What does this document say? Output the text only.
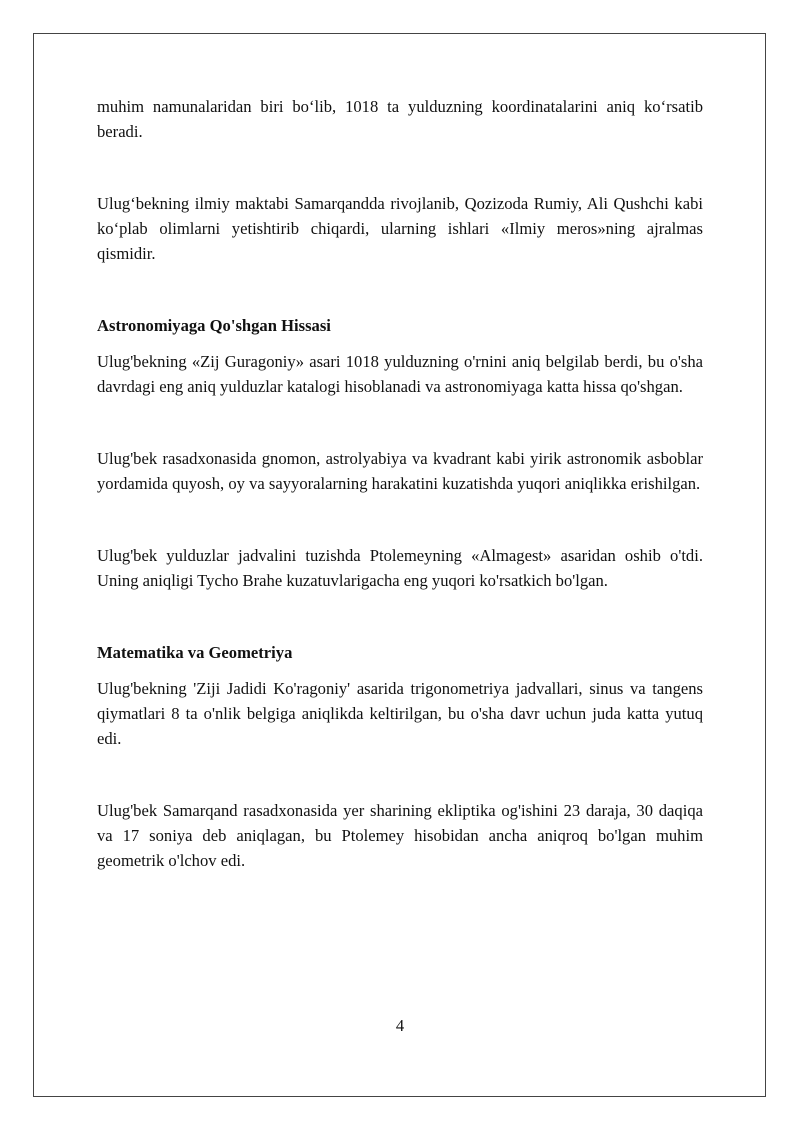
muhim namunalaridan biri bo‘lib, 1018 ta yulduzning koordinatalarini aniq ko‘rsatib beradi.

Ulug‘bekning ilmiy maktabi Samarqandda rivojlanib, Qozizoda Rumiy, Ali Qushchi kabi ko‘plab olimlarni yetishtirib chiqardi, ularning ishlari «Ilmiy meros»ning ajralmas qismidir.

Astronomiyaga Qo'shgan Hissasi

Ulug'bekning «Zij Guragoniy» asari 1018 yulduzning o'rnini aniq belgilab berdi, bu o'sha davrdagi eng aniq yulduzlar katalogi hisoblanadi va astronomiyaga katta hissa qo'shgan.

Ulug'bek rasadxonasida gnomon, astrolyabiya va kvadrant kabi yirik astronomik asboblar yordamida quyosh, oy va sayyoralarning harakatini kuzatishda yuqori aniqlikka erishilgan.

Ulug'bek yulduzlar jadvalini tuzishda Ptolemeyning «Almagest» asaridan oshib o'tdi. Uning aniqligi Tycho Brahe kuzatuvlarigacha eng yuqori ko'rsatkich bo'lgan.

Matematika va Geometriya

Ulug'bekning 'Ziji Jadidi Ko'ragoniy' asarida trigonometriya jadvallari, sinus va tangens qiymatlari 8 ta o'nlik belgiga aniqlikda keltirilgan, bu o'sha davr uchun juda katta yutuq edi.

Ulug'bek Samarqand rasadxonasida yer sharining ekliptika og'ishini 23 daraja, 30 daqiqa va 17 soniya deb aniqlagan, bu Ptolemey hisobidan ancha aniqroq bo'lgan muhim geometrik o'lchov edi.

4
